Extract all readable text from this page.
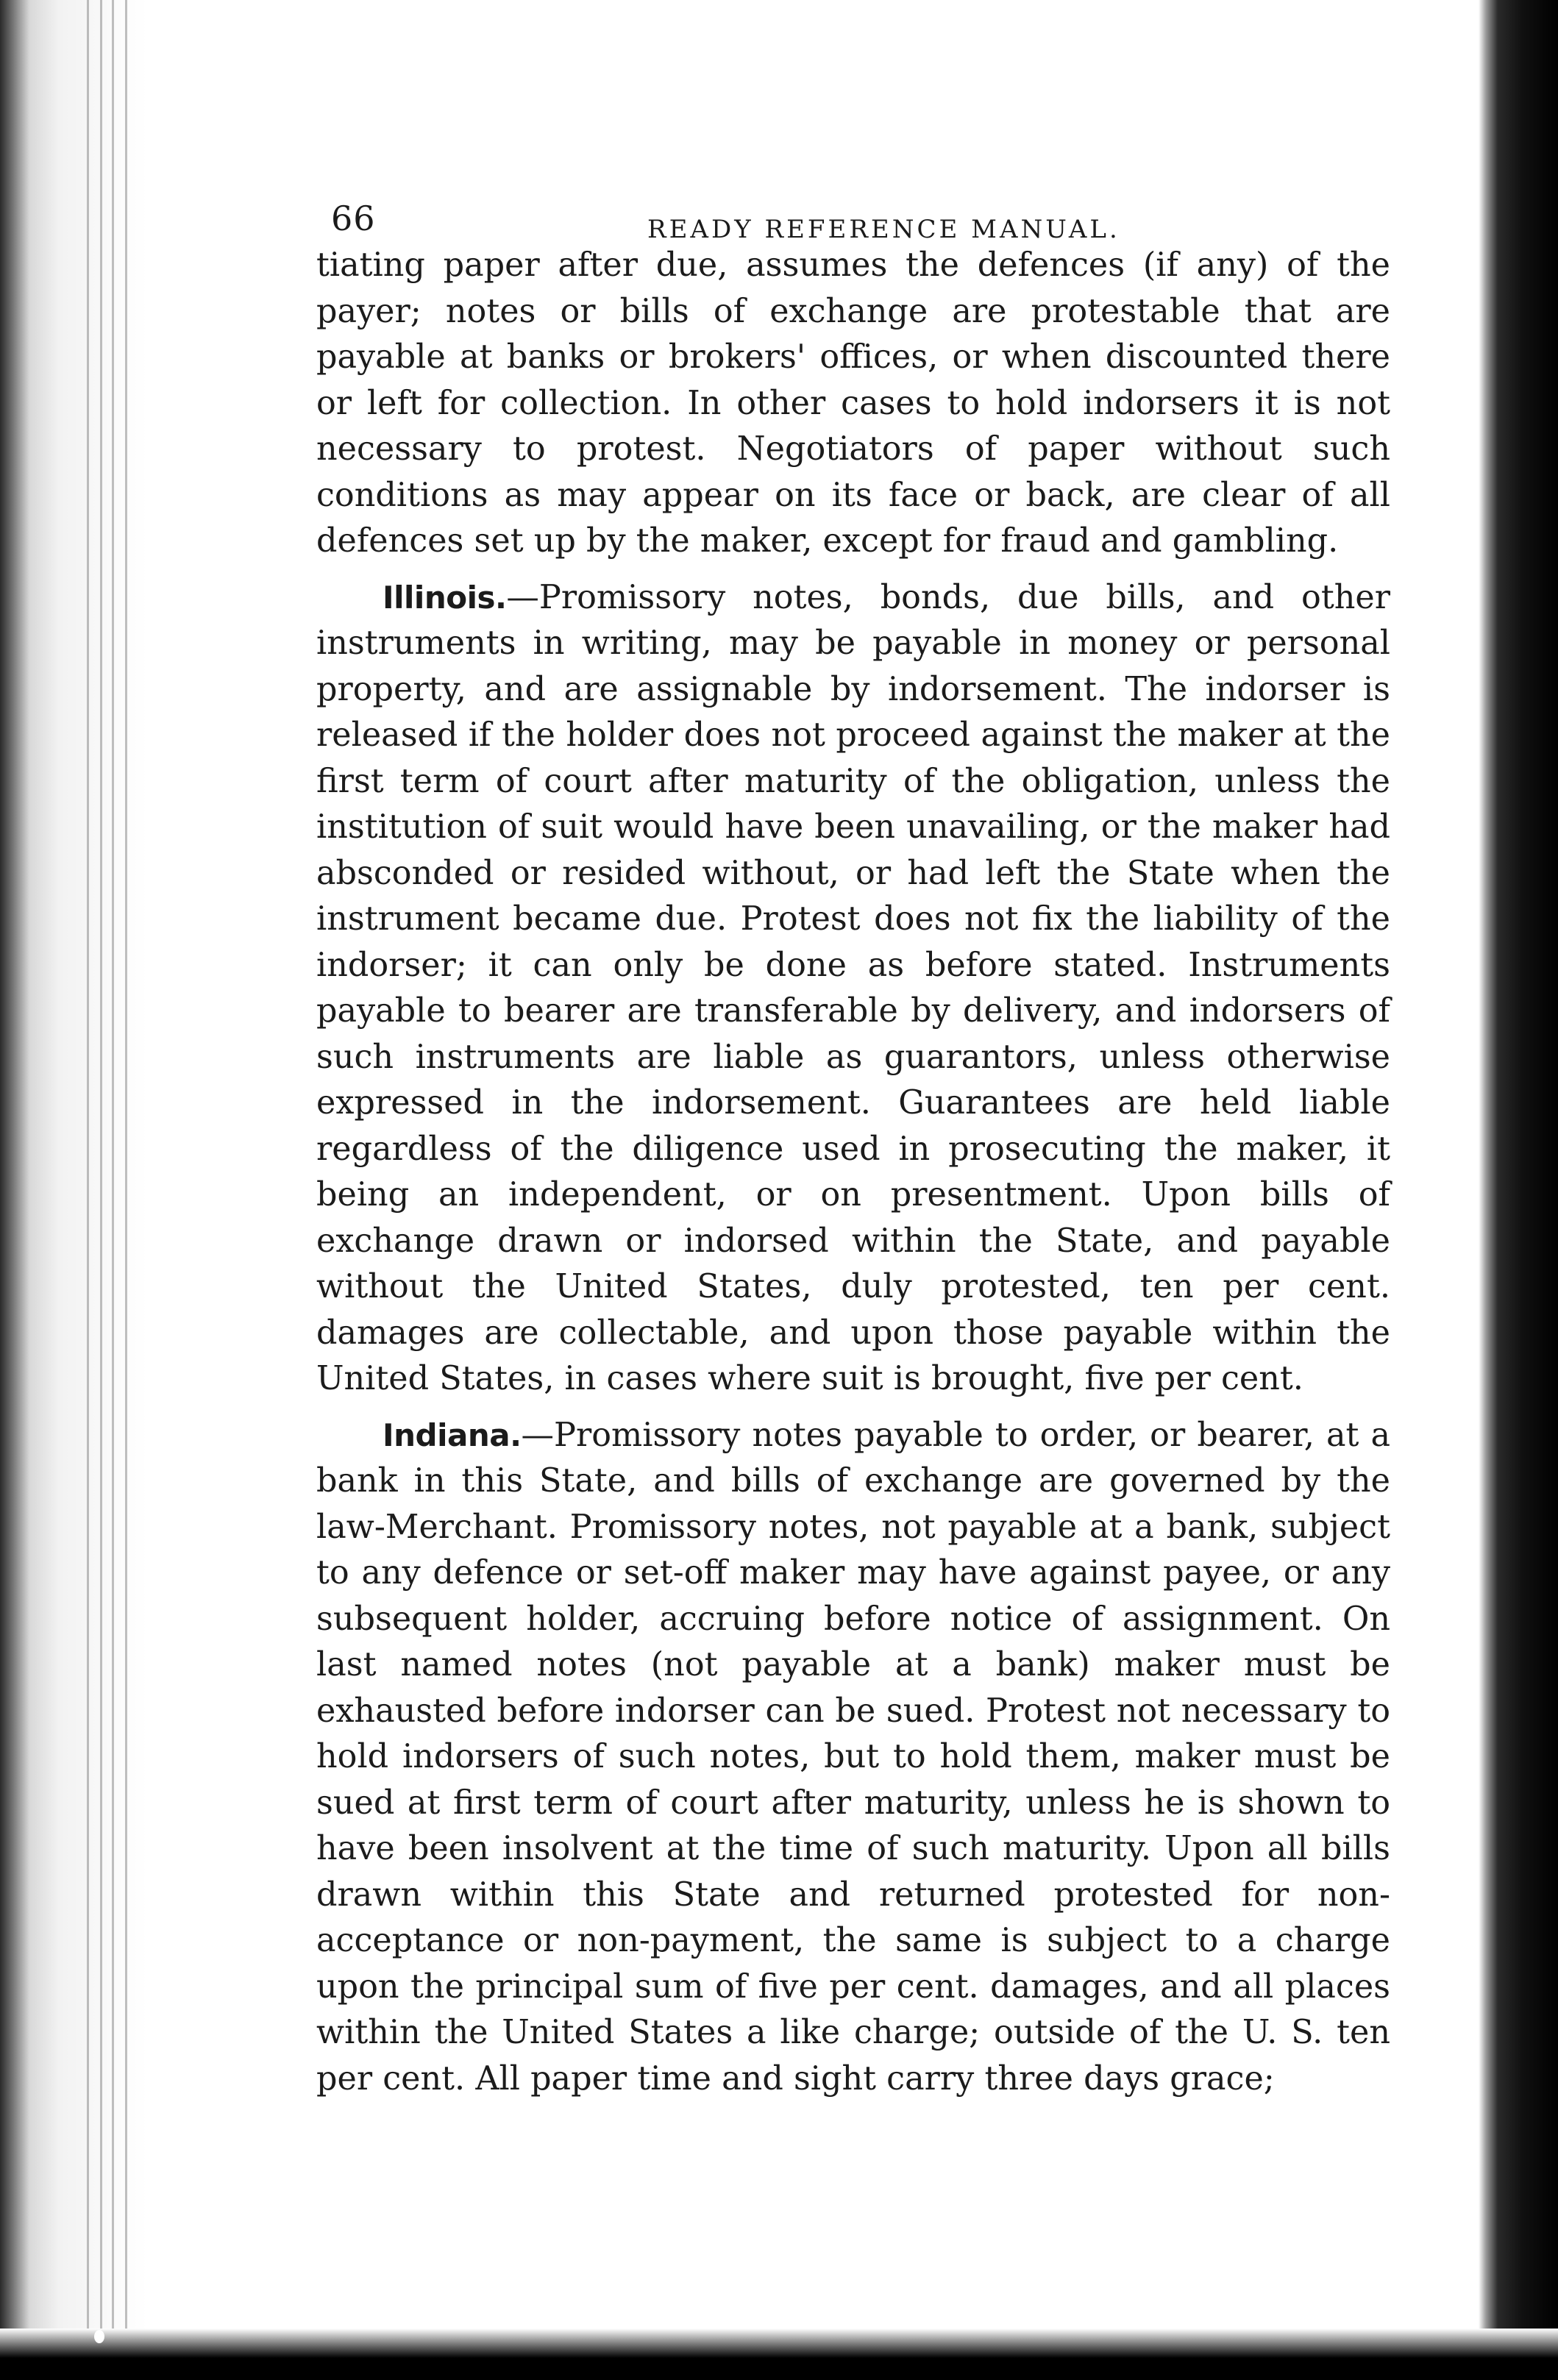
66	READY REFERENCE MANUAL.

tiating paper after due, assumes the defences (if any) of the payer; notes or bills of exchange are protestable that are payable at banks or brokers' offices, or when discounted there or left for collection. In other cases to hold indorsers it is not necessary to protest. Negotiators of paper without such conditions as may appear on its face or back, are clear of all defences set up by the maker, except for fraud and gambling.

Illinois.—Promissory notes, bonds, due bills, and other instruments in writing, may be payable in money or personal property, and are assignable by indorsement. The indorser is released if the holder does not proceed against the maker at the first term of court after maturity of the obligation, unless the institution of suit would have been unavailing, or the maker had absconded or resided without, or had left the State when the instrument became due. Protest does not fix the liability of the indorser; it can only be done as before stated. Instruments payable to bearer are transferable by delivery, and indorsers of such instruments are liable as guarantors, unless otherwise expressed in the indorsement. Guarantees are held liable regardless of the diligence used in prosecuting the maker, it being an independent, or on presentment. Upon bills of exchange drawn or indorsed within the State, and payable without the United States, duly protested, ten per cent. damages are collectable, and upon those payable within the United States, in cases where suit is brought, five per cent.

Indiana.—Promissory notes payable to order, or bearer, at a bank in this State, and bills of exchange are governed by the law-Merchant. Promissory notes, not payable at a bank, subject to any defence or set-off maker may have against payee, or any subsequent holder, accruing before notice of assignment. On last named notes (not payable at a bank) maker must be exhausted before indorser can be sued. Protest not necessary to hold indorsers of such notes, but to hold them, maker must be sued at first term of court after maturity, unless he is shown to have been insolvent at the time of such maturity. Upon all bills drawn within this State and returned protested for non-acceptance or non-payment, the same is subject to a charge upon the principal sum of five per cent. damages, and all places within the United States a like charge; outside of the U. S. ten per cent. All paper time and sight carry three days grace;
